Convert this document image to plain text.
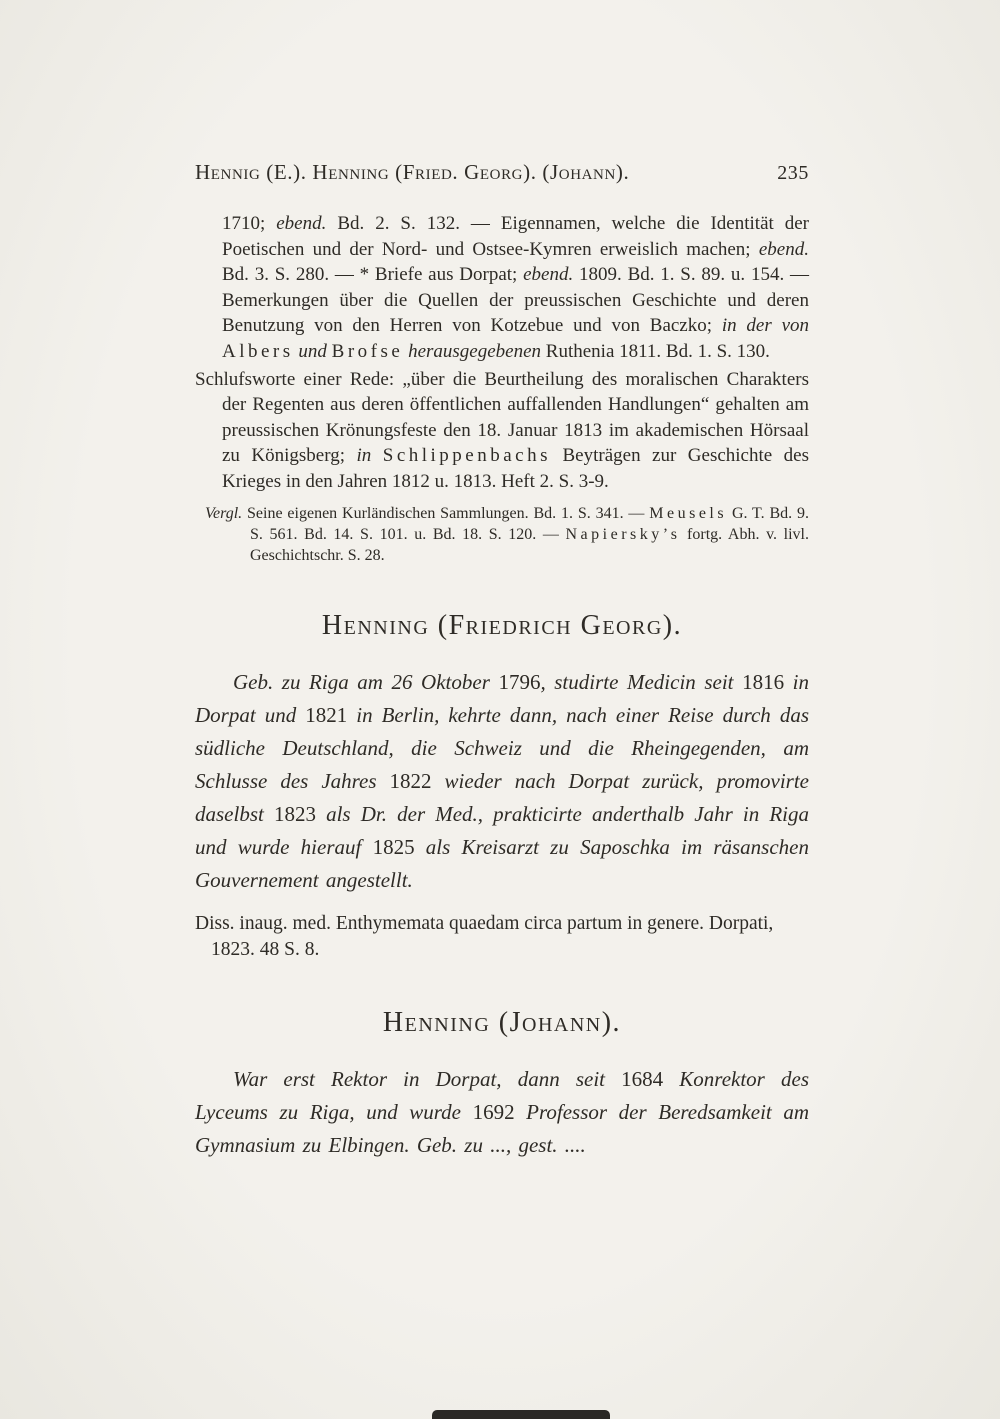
Hennig (E.). Henning (Fried. Georg). (Johann).	235

1710; ebend. Bd. 2. S. 132. — Eigennamen, welche die Identität der Poetischen und der Nord- und Ostsee-Kymren erweislich machen; ebend. Bd. 3. S. 280. — * Briefe aus Dorpat; ebend. 1809. Bd. 1. S. 89. u. 154. — Bemerkungen über die Quellen der preussischen Geschichte und deren Benutzung von den Herren von Kotzebue und von Baczko; in der von Albers und Brofse herausgegebenen Ruthenia 1811. Bd. 1. S. 130.

Schlufsworte einer Rede: „über die Beurtheilung des moralischen Charakters der Regenten aus deren öffentlichen auffallenden Handlungen“ gehalten am preussischen Krönungsfeste den 18. Januar 1813 im akademischen Hörsaal zu Königsberg; in Schlippenbachs Beyträgen zur Geschichte des Krieges in den Jahren 1812 u. 1813. Heft 2. S. 3-9.

Vergl. Seine eigenen Kurländischen Sammlungen. Bd. 1. S. 341. — Meusels G. T. Bd. 9. S. 561. Bd. 14. S. 101. u. Bd. 18. S. 120. — Napiersky’s fortg. Abh. v. livl. Geschichtschr. S. 28.

Henning (Friedrich Georg).

Geb. zu Riga am 26 Oktober 1796, studirte Medicin seit 1816 in Dorpat und 1821 in Berlin, kehrte dann, nach einer Reise durch das südliche Deutschland, die Schweiz und die Rheingegenden, am Schlusse des Jahres 1822 wieder nach Dorpat zurück, promovirte daselbst 1823 als Dr. der Med., prakticirte anderthalb Jahr in Riga und wurde hierauf 1825 als Kreisarzt zu Saposchka im räsanschen Gouvernement angestellt.

Diss. inaug. med. Enthymemata quaedam circa partum in genere. Dorpati, 1823. 48 S. 8.

Henning (Johann).

War erst Rektor in Dorpat, dann seit 1684 Konrektor des Lyceums zu Riga, und wurde 1692 Professor der Beredsamkeit am Gymnasium zu Elbingen. Geb. zu ..., gest. ....
